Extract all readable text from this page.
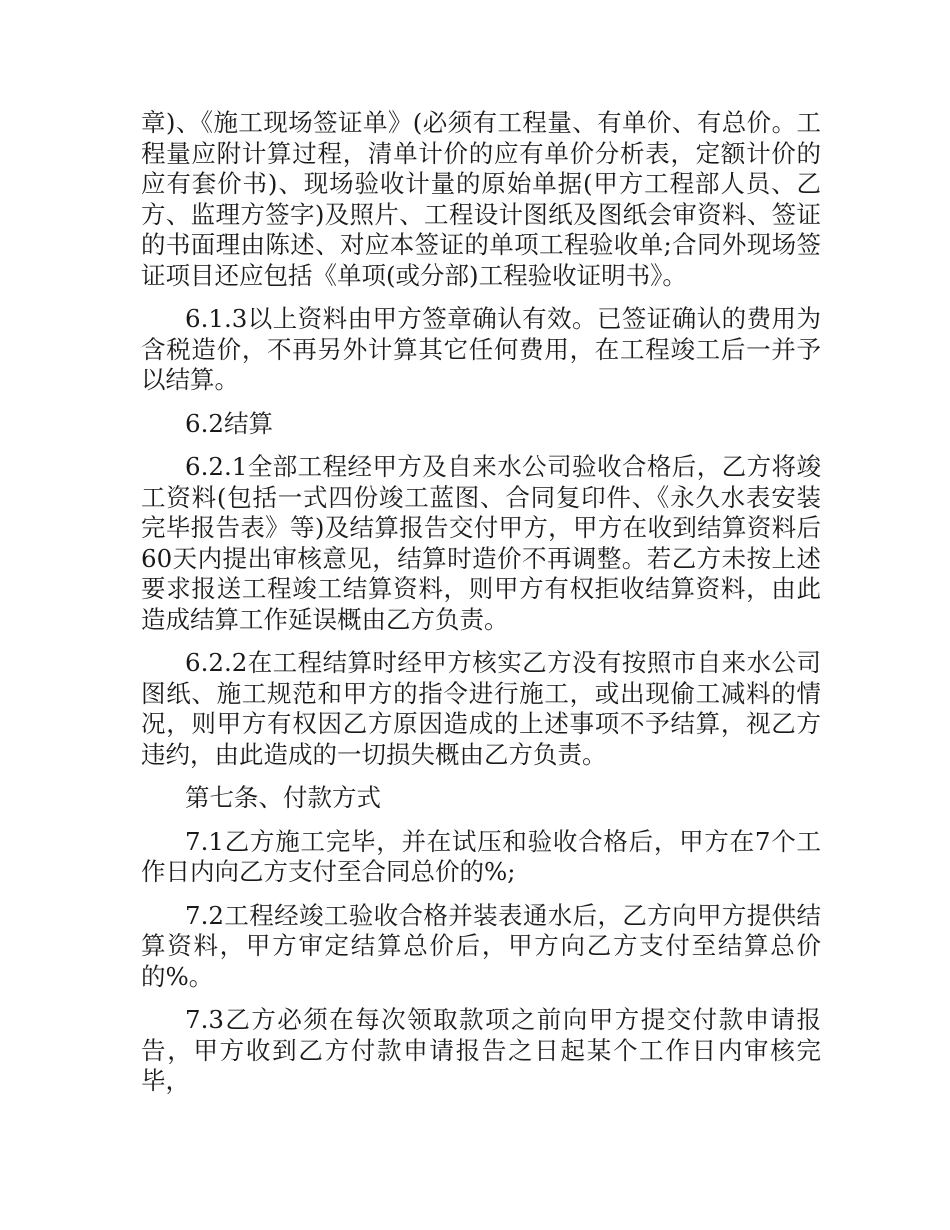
章)、《施工现场签证单》(必须有工程量、有单价、有总价。工程量应附计算过程，清单计价的应有单价分析表，定额计价的应有套价书)、现场验收计量的原始单据(甲方工程部人员、乙方、监理方签字)及照片、工程设计图纸及图纸会审资料、签证的书面理由陈述、对应本签证的单项工程验收单;合同外现场签证项目还应包括《单项(或分部)工程验收证明书》。

6.1.3以上资料由甲方签章确认有效。已签证确认的费用为含税造价，不再另外计算其它任何费用，在工程竣工后一并予以结算。

6.2结算

6.2.1全部工程经甲方及自来水公司验收合格后，乙方将竣工资料(包括一式四份竣工蓝图、合同复印件、《永久水表安装完毕报告表》等)及结算报告交付甲方，甲方在收到结算资料后60天内提出审核意见，结算时造价不再调整。若乙方未按上述要求报送工程竣工结算资料，则甲方有权拒收结算资料，由此造成结算工作延误概由乙方负责。

6.2.2在工程结算时经甲方核实乙方没有按照市自来水公司图纸、施工规范和甲方的指令进行施工，或出现偷工减料的情况，则甲方有权因乙方原因造成的上述事项不予结算，视乙方违约，由此造成的一切损失概由乙方负责。

第七条、付款方式

7.1乙方施工完毕，并在试压和验收合格后，甲方在7个工作日内向乙方支付至合同总价的%;

7.2工程经竣工验收合格并装表通水后，乙方向甲方提供结算资料，甲方审定结算总价后，甲方向乙方支付至结算总价的%。

7.3乙方必须在每次领取款项之前向甲方提交付款申请报告，甲方收到乙方付款申请报告之日起某个工作日内审核完毕，
